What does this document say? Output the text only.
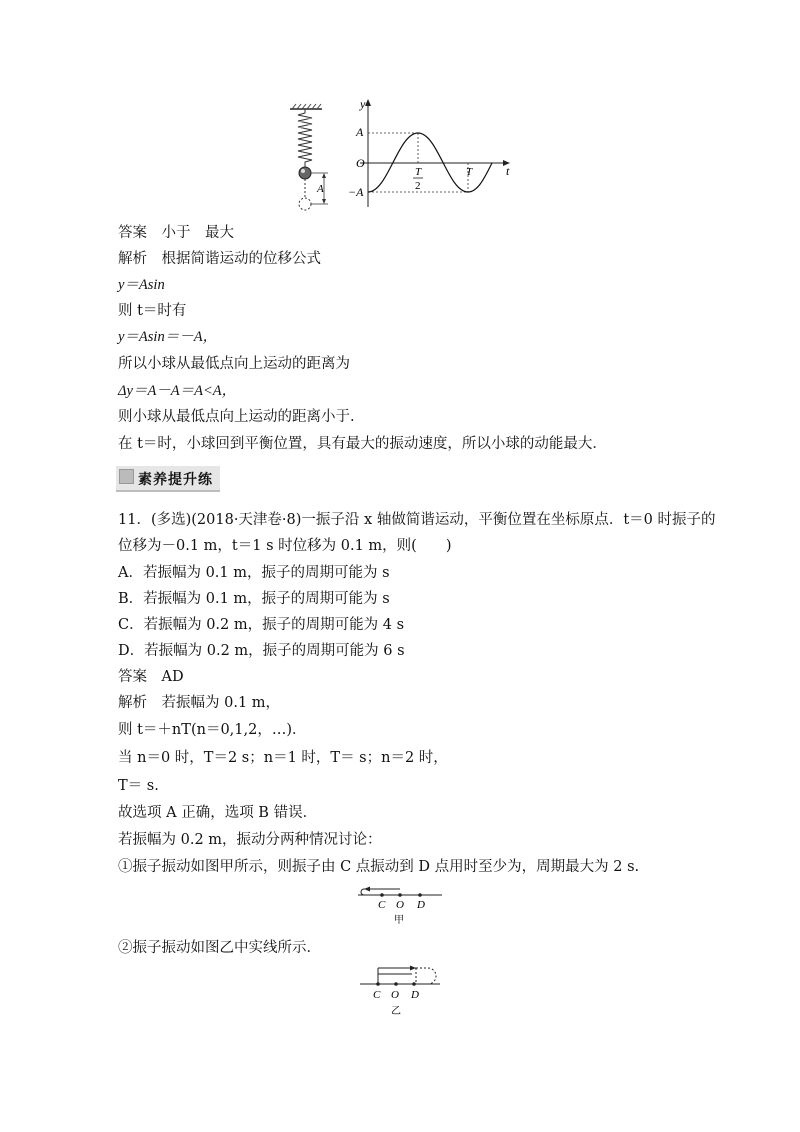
A
y
t
A
O
−A
T
2
T
答案　小于　最大
解析　根据简谐运动的位移公式
y＝Asin
则 t＝时有
y＝Asin＝－A，
所以小球从最低点向上运动的距离为
Δy＝A－A＝A<A，
则小球从最低点向上运动的距离小于.
在 t＝时，小球回到平衡位置，具有最大的振动速度，所以小球的动能最大．
素养提升练
11．(多选)(2018·天津卷·8)一振子沿 x 轴做简谐运动，平衡位置在坐标原点．t＝0 时振子的
位移为－0.1 m，t＝1 s 时位移为 0.1 m，则(　　)
A．若振幅为 0.1 m，振子的周期可能为 s
B．若振幅为 0.1 m，振子的周期可能为 s
C．若振幅为 0.2 m，振子的周期可能为 4 s
D．若振幅为 0.2 m，振子的周期可能为 6 s
答案　AD
解析　若振幅为 0.1 m，
则 t＝＋nT(n＝0,1,2，…)．
当 n＝0 时，T＝2 s；n＝1 时，T＝ s；n＝2 时，
T＝ s.
故选项 A 正确，选项 B 错误．
若振幅为 0.2 m，振动分两种情况讨论：
①振子振动如图甲所示，则振子由 C 点振动到 D 点用时至少为，周期最大为 2 s.
C O D
甲
②振子振动如图乙中实线所示．
C O D
乙
